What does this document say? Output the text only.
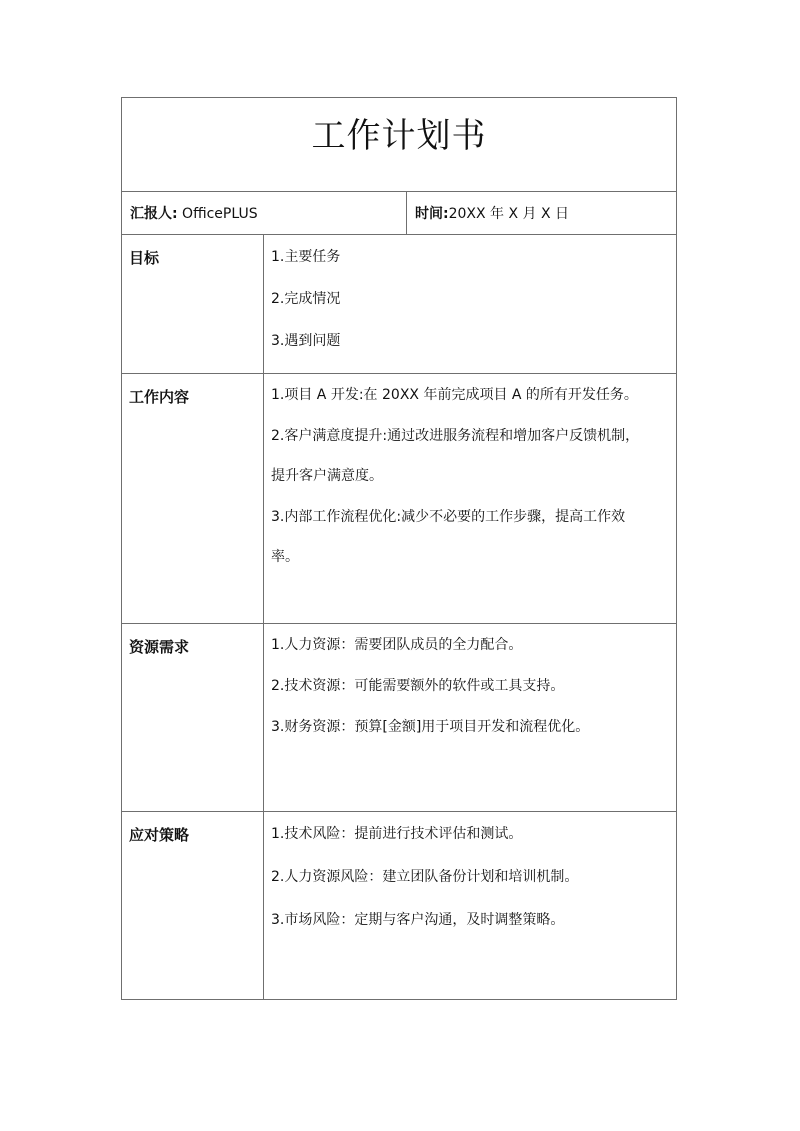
工作计划书		
汇报人: OfficePLUS		时间:20XX 年 X 月 X 日
目标	1.主要任务
2.完成情况
3.遇到问题	

工作内容	1.项目 A 开发:在 20XX 年前完成项目 A 的所有开发任务。
2.客户满意度提升:通过改进服务流程和增加客户反馈机制，
提升客户满意度。
3.内部工作流程优化:减少不必要的工作步骤，提高工作效
率。	

资源需求	1.人力资源：需要团队成员的全力配合。
2.技术资源：可能需要额外的软件或工具支持。
3.财务资源：预算[金额]用于项目开发和流程优化。	

应对策略	1.技术风险：提前进行技术评估和测试。
2.人力资源风险：建立团队备份计划和培训机制。
3.市场风险：定期与客户沟通，及时调整策略。	
